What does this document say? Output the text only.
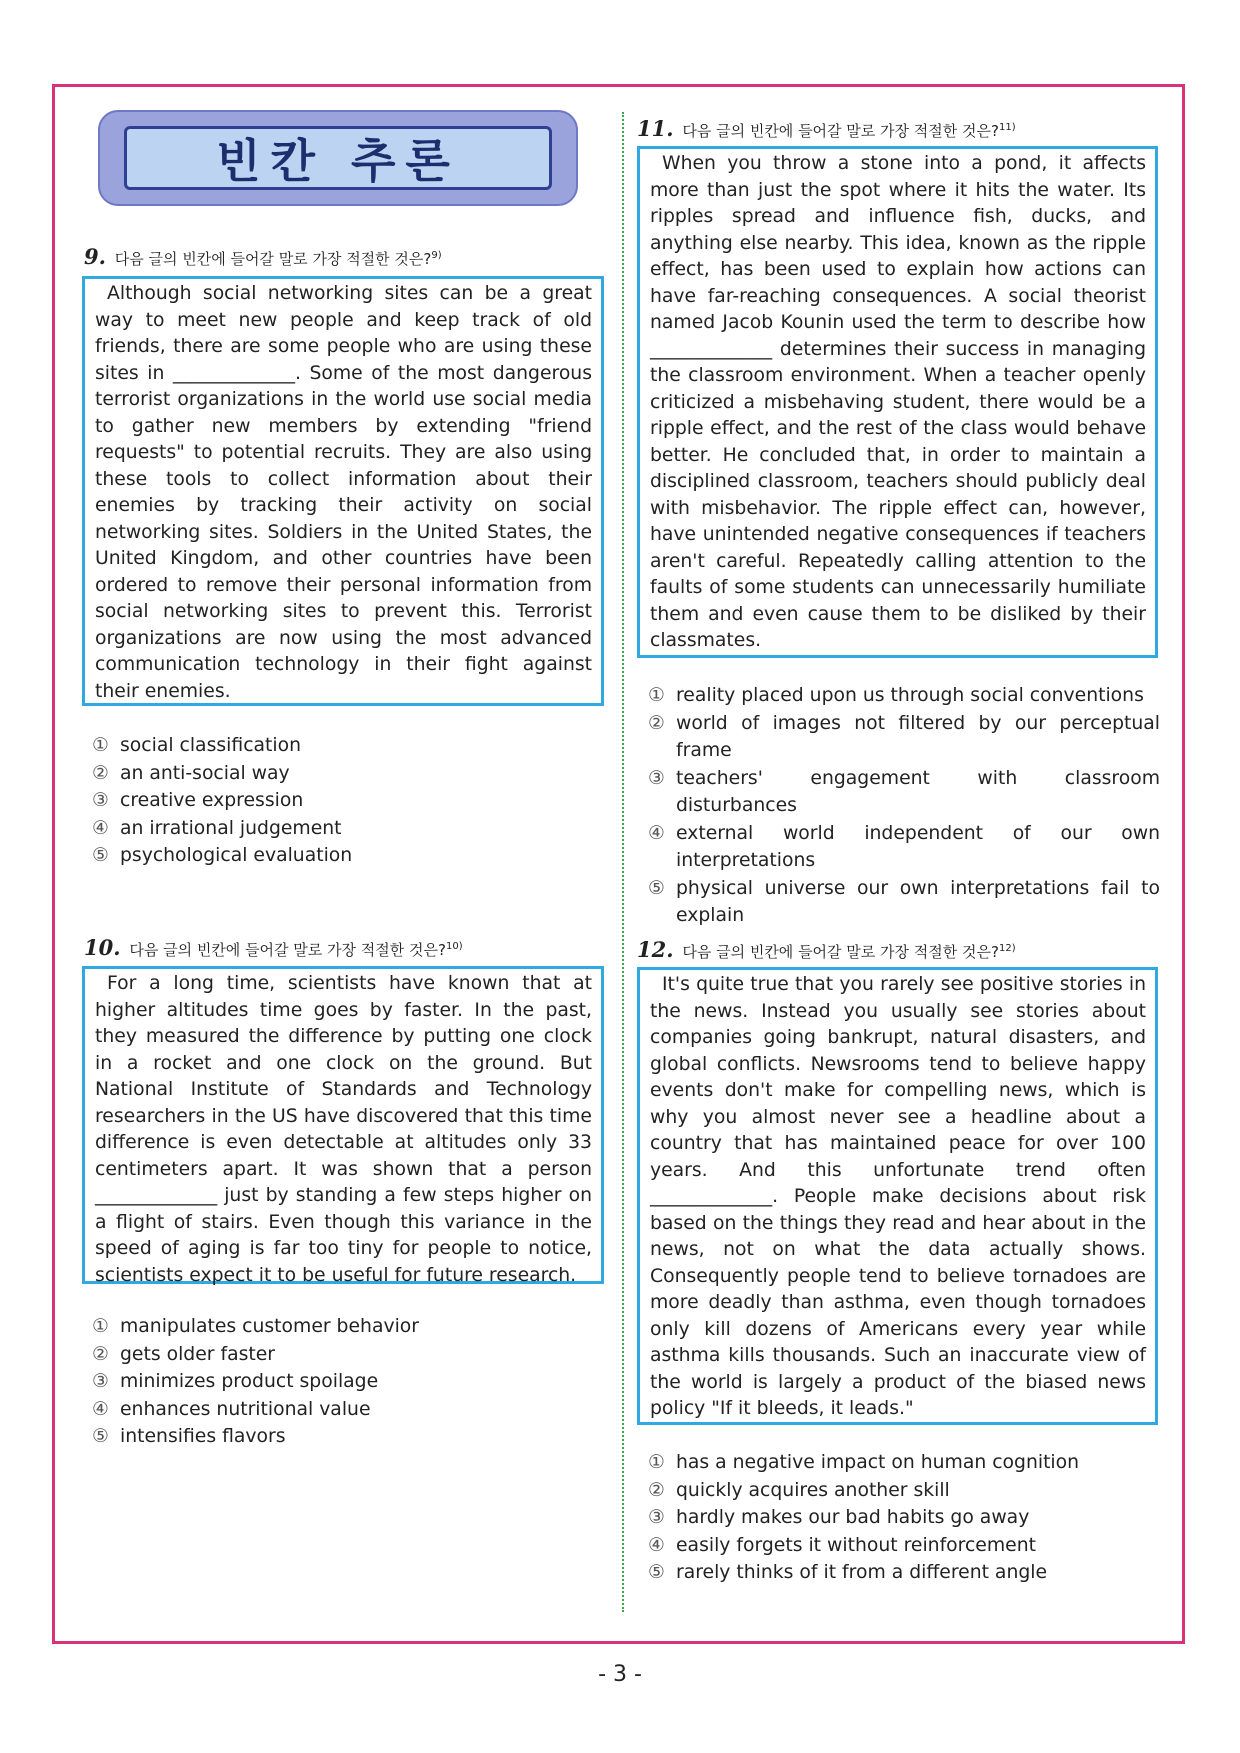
빈칸 추론
9. 다음 글의 빈칸에 들어갈 말로 가장 적절한 것은?$^{9)}$
Although social networking sites can be a great way to meet new people and keep track of old friends, there are some people who are using these sites in _____________. Some of the most dangerous terrorist organizations in the world use social media to gather new members by extending "friend requests" to potential recruits. They are also using these tools to collect information about their enemies by tracking their activity on social networking sites. Soldiers in the United States, the United Kingdom, and other countries have been ordered to remove their personal information from social networking sites to prevent this. Terrorist organizations are now using the most advanced communication technology in their fight against their enemies.
① social classification
② an anti-social way
③ creative expression
④ an irrational judgement
⑤ psychological evaluation
10. 다음 글의 빈칸에 들어갈 말로 가장 적절한 것은?$^{10)}$
For a long time, scientists have known that at higher altitudes time goes by faster. In the past, they measured the difference by putting one clock in a rocket and one clock on the ground. But National Institute of Standards and Technology researchers in the US have discovered that this time difference is even detectable at altitudes only 33 centimeters apart. It was shown that a person _____________ just by standing a few steps higher on a flight of stairs. Even though this variance in the speed of aging is far too tiny for people to notice, scientists expect it to be useful for future research.
① manipulates customer behavior
② gets older faster
③ minimizes product spoilage
④ enhances nutritional value
⑤ intensifies flavors
11. 다음 글의 빈칸에 들어갈 말로 가장 적절한 것은?$^{11)}$
When you throw a stone into a pond, it affects more than just the spot where it hits the water. Its ripples spread and influence fish, ducks, and anything else nearby. This idea, known as the ripple effect, has been used to explain how actions can have far-reaching consequences. A social theorist named Jacob Kounin used the term to describe how _____________ determines their success in managing the classroom environment. When a teacher openly criticized a misbehaving student, there would be a ripple effect, and the rest of the class would behave better. He concluded that, in order to maintain a disciplined classroom, teachers should publicly deal with misbehavior. The ripple effect can, however, have unintended negative consequences if teachers aren't careful. Repeatedly calling attention to the faults of some students can unnecessarily humiliate them and even cause them to be disliked by their classmates.
① reality placed upon us through social conventions
② world of images not filtered by our perceptual frame
③ teachers' engagement with classroom disturbances
④ external world independent of our own interpretations
⑤ physical universe our own interpretations fail to explain
12. 다음 글의 빈칸에 들어갈 말로 가장 적절한 것은?$^{12)}$
It's quite true that you rarely see positive stories in the news. Instead you usually see stories about companies going bankrupt, natural disasters, and global conflicts. Newsrooms tend to believe happy events don't make for compelling news, which is why you almost never see a headline about a country that has maintained peace for over 100 years. And this unfortunate trend often _____________. People make decisions about risk based on the things they read and hear about in the news, not on what the data actually shows. Consequently people tend to believe tornadoes are more deadly than asthma, even though tornadoes only kill dozens of Americans every year while asthma kills thousands. Such an inaccurate view of the world is largely a product of the biased news policy "If it bleeds, it leads."
① has a negative impact on human cognition
② quickly acquires another skill
③ hardly makes our bad habits go away
④ easily forgets it without reinforcement
⑤ rarely thinks of it from a different angle
- 3 -
